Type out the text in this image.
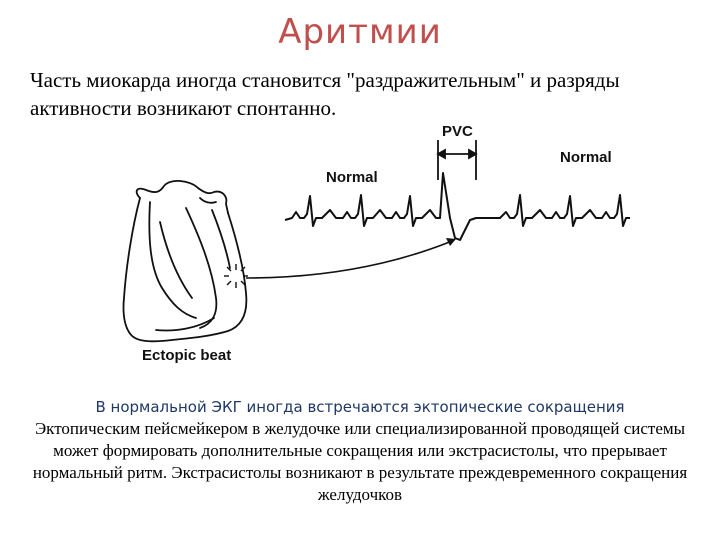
Аритмии
Часть миокарда иногда становится "раздражительным" и разряды активности возникают спонтанно.
Normal
PVC
Normal
Ectopic beat
В нормальной ЭКГ иногда встречаются эктопические сокращения
Эктопическим пейсмейкером в желудочке или специализированной проводящей системы может формировать дополнительные сокращения или экстрасистолы, что прерывает нормальный ритм. Экстрасистолы возникают в результате преждевременного сокращения желудочков
